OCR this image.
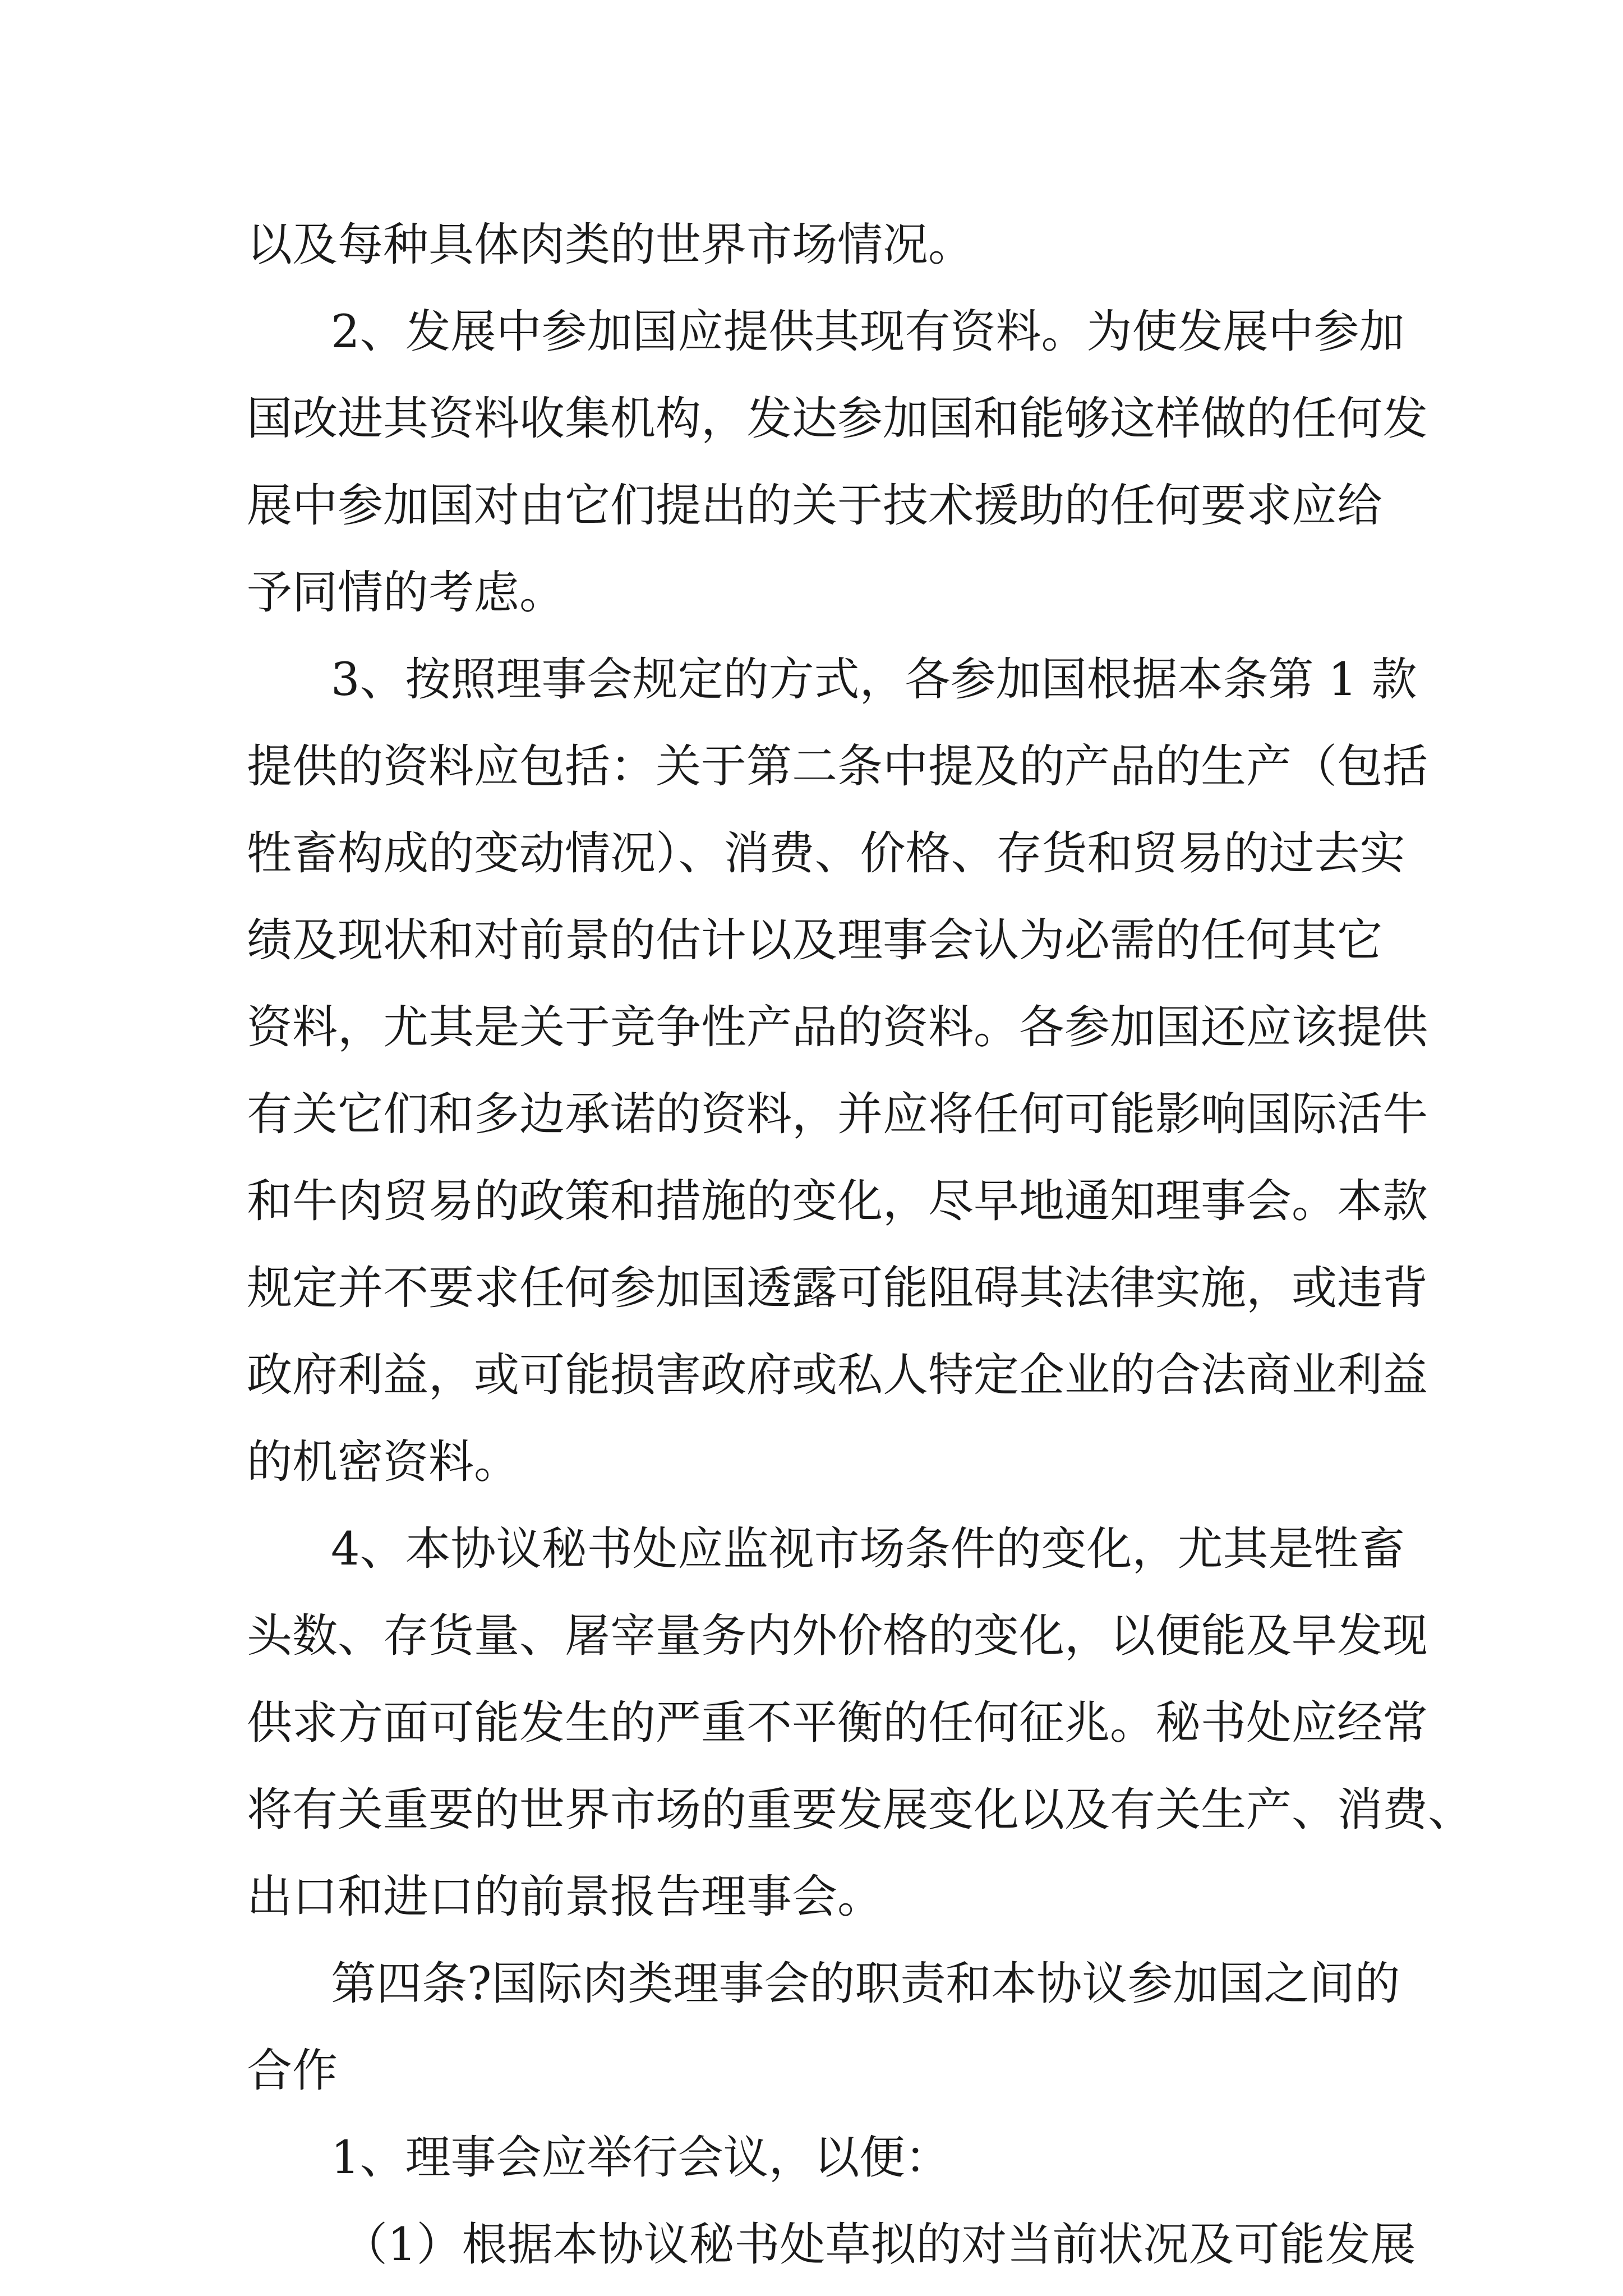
以及每种具体肉类的世界市场情况。

2、发展中参加国应提供其现有资料。为使发展中参加

国改进其资料收集机构，发达参加国和能够这样做的任何发

展中参加国对由它们提出的关于技术援助的任何要求应给

予同情的考虑。

3、按照理事会规定的方式，各参加国根据本条第 1 款

提供的资料应包括：关于第二条中提及的产品的生产（包括

牲畜构成的变动情况）、消费、价格、存货和贸易的过去实

绩及现状和对前景的估计以及理事会认为必需的任何其它

资料，尤其是关于竞争性产品的资料。各参加国还应该提供

有关它们和多边承诺的资料，并应将任何可能影响国际活牛

和牛肉贸易的政策和措施的变化，尽早地通知理事会。本款

规定并不要求任何参加国透露可能阻碍其法律实施，或违背

政府利益，或可能损害政府或私人特定企业的合法商业利益

的机密资料。

4、本协议秘书处应监视市场条件的变化，尤其是牲畜

头数、存货量、屠宰量务内外价格的变化，以便能及早发现

供求方面可能发生的严重不平衡的任何征兆。秘书处应经常

将有关重要的世界市场的重要发展变化以及有关生产、消费、

出口和进口的前景报告理事会。

第四条?国际肉类理事会的职责和本协议参加国之间的

合作

1、理事会应举行会议，以便：

（1）根据本协议秘书处草拟的对当前状况及可能发展
